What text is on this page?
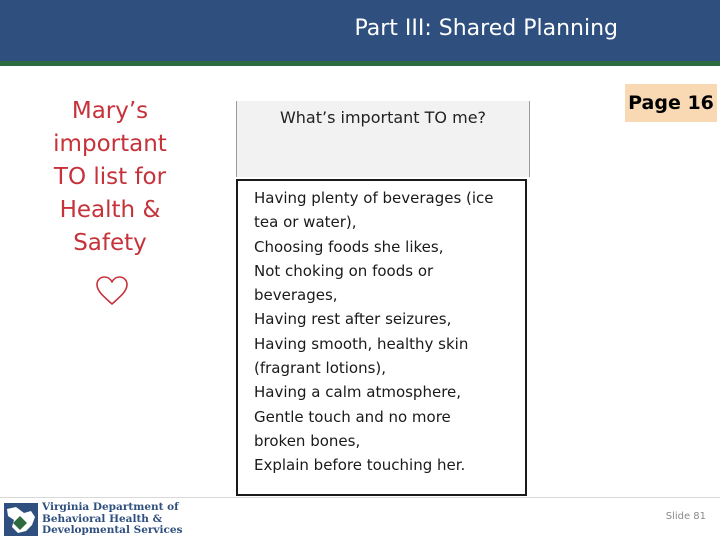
Part III: Shared Planning
Mary’s
important
TO list for
Health &
Safety
Page 16
What’s important TO me?
Having plenty of beverages (ice
tea or water),
Choosing foods she likes,
Not choking on foods or
beverages,
Having rest after seizures,
Having smooth, healthy skin
(fragrant lotions),
Having a calm atmosphere,
Gentle touch and no more
broken bones,
Explain before touching her.
Virginia Department of
Behavioral Health &
Developmental Services
Slide 81
